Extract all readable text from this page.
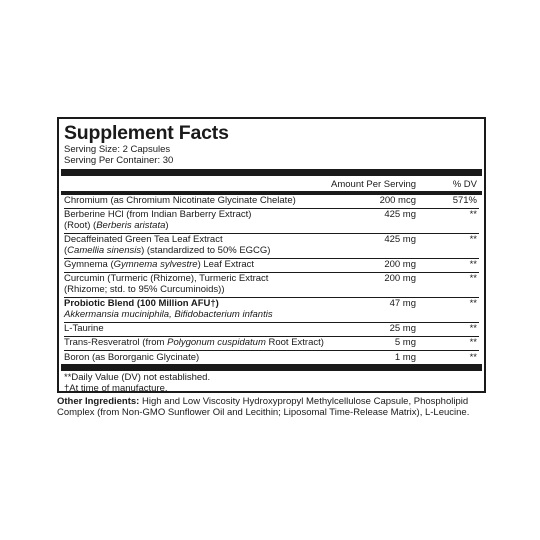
Supplement Facts
Serving Size: 2 Capsules
Serving Per Container: 30
Amount Per Serving	% DV
Chromium (as Chromium Nicotinate Glycinate Chelate)	200 mcg	571%
Berberine HCl (from Indian Barberry Extract)
(Root) (Berberis aristata)
425 mg	**
Decaffeinated Green Tea Leaf Extract
(Camellia sinensis) (standardized to 50% EGCG)
425 mg	**
Gymnema (Gymnema sylvestre) Leaf Extract	200 mg	**
Curcumin (Turmeric (Rhizome), Turmeric Extract
(Rhizome; std. to 95% Curcuminoids))
200 mg	**
Probiotic Blend (100 Million AFU†)
Akkermansia muciniphila, Bifidobacterium infantis
47 mg	**
L-Taurine	25 mg	**
Trans-Resveratrol (from Polygonum cuspidatum Root Extract)	5 mg	**
Boron (as Bororganic Glycinate)	1 mg	**
**Daily Value (DV) not established.
†At time of manufacture.
Other Ingredients: High and Low Viscosity Hydroxypropyl Methylcellulose Capsule, Phospholipid Complex (from Non-GMO Sunflower Oil and Lecithin; Liposomal Time-Release Matrix), L-Leucine.
